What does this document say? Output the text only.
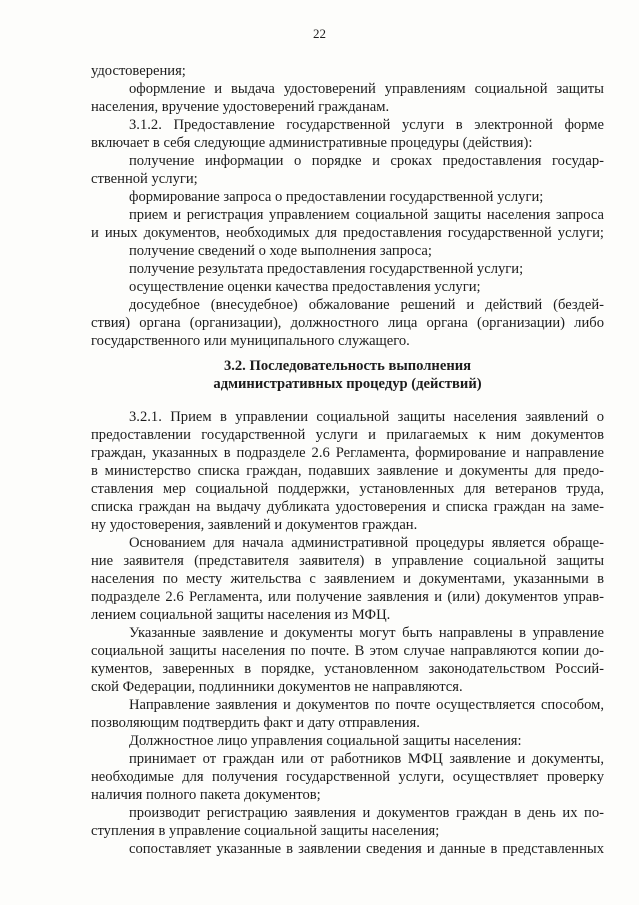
22
удостоверения;
оформление и выдача удостоверений управлениям социальной защиты
населения, вручение удостоверений гражданам.
3.1.2. Предоставление государственной услуги в электронной форме
включает в себя следующие административные процедуры (действия):
получение информации о порядке и сроках предоставления государ-
ственной услуги;
формирование запроса о предоставлении государственной услуги;
прием и регистрация управлением социальной защиты населения запроса
и иных документов, необходимых для предоставления государственной услуги;
получение сведений о ходе выполнения запроса;
получение результата предоставления государственной услуги;
осуществление оценки качества предоставления услуги;
досудебное (внесудебное) обжалование решений и действий (бездей-
ствия) органа (организации), должностного лица органа (организации) либо
государственного или муниципального служащего.
3.2. Последовательность выполнения
административных процедур (действий)
3.2.1. Прием в управлении социальной защиты населения заявлений о
предоставлении государственной услуги и прилагаемых к ним документов
граждан, указанных в подразделе 2.6 Регламента, формирование и направление
в министерство списка граждан, подавших заявление и документы для предо-
ставления мер социальной поддержки, установленных для ветеранов труда,
списка граждан на выдачу дубликата удостоверения и списка граждан на заме-
ну удостоверения, заявлений и документов граждан.
Основанием для начала административной процедуры является обраще-
ние заявителя (представителя заявителя) в управление социальной защиты
населения по месту жительства с заявлением и документами, указанными в
подразделе 2.6 Регламента, или получение заявления и (или) документов управ-
лением социальной защиты населения из МФЦ.
Указанные заявление и документы могут быть направлены в управление
социальной защиты населения по почте. В этом случае направляются копии до-
кументов, заверенных в порядке, установленном законодательством Россий-
ской Федерации, подлинники документов не направляются.
Направление заявления и документов по почте осуществляется способом,
позволяющим подтвердить факт и дату отправления.
Должностное лицо управления социальной защиты населения:
принимает от граждан или от работников МФЦ заявление и документы,
необходимые для получения государственной услуги, осуществляет проверку
наличия полного пакета документов;
производит регистрацию заявления и документов граждан в день их по-
ступления в управление социальной защиты населения;
сопоставляет указанные в заявлении сведения и данные в представленных
